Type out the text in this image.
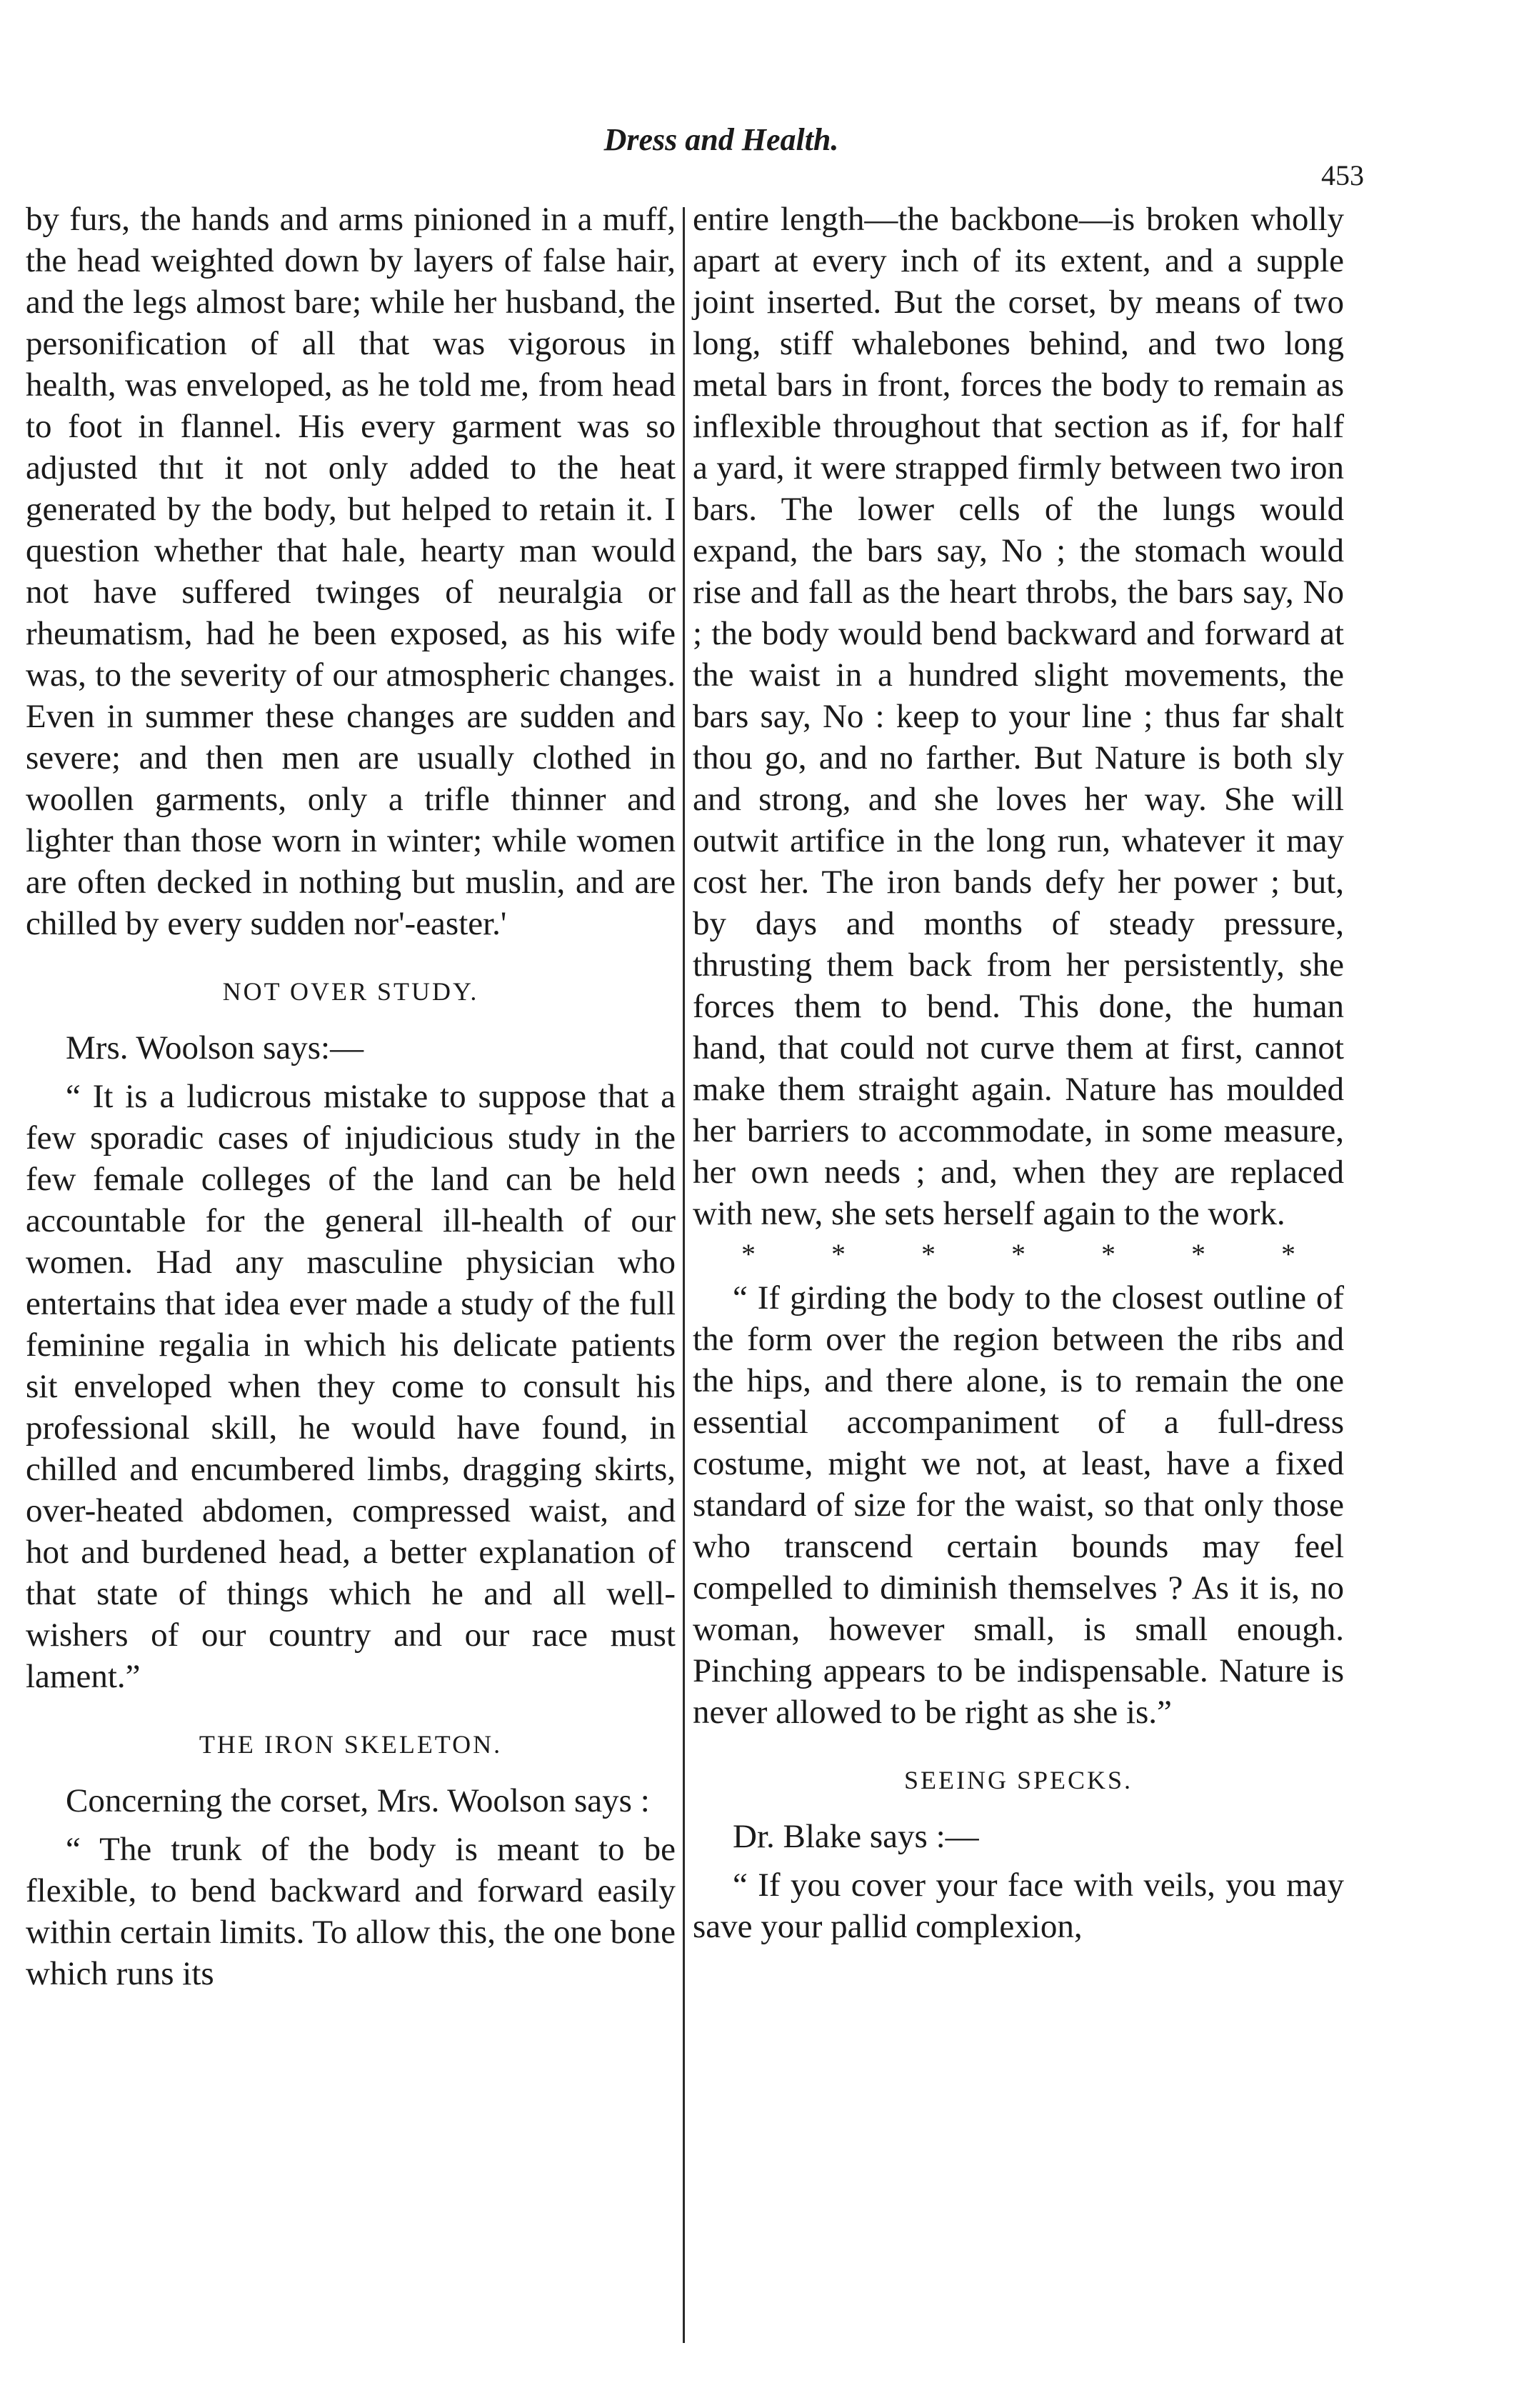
Dress and Health.
453

by furs, the hands and arms pinioned in a muff, the head weighted down by layers of false hair, and the legs almost bare; while her husband, the personification of all that was vigorous in health, was enveloped, as he told me, from head to foot in flannel. His every garment was so adjusted thıt it not only added to the heat generated by the body, but helped to retain it. I question whether that hale, hearty man would not have suffered twinges of neuralgia or rheumatism, had he been exposed, as his wife was, to the severity of our atmospheric changes. Even in summer these changes are sudden and severe; and then men are usually clothed in woollen garments, only a trifle thinner and lighter than those worn in winter; while women are often decked in nothing but muslin, and are chilled by every sudden nor'-easter.'

NOT OVER STUDY.

Mrs. Woolson says:—

“ It is a ludicrous mistake to suppose that a few sporadic cases of injudicious study in the few female colleges of the land can be held accountable for the general ill-health of our women. Had any masculine physician who entertains that idea ever made a study of the full feminine regalia in which his delicate patients sit enveloped when they come to consult his professional skill, he would have found, in chilled and encumbered limbs, dragging skirts, over-heated abdomen, compressed waist, and hot and burdened head, a better explanation of that state of things which he and all well-wishers of our country and our race must lament.”

THE IRON SKELETON.

Concerning the corset, Mrs. Woolson says :

“ The trunk of the body is meant to be flexible, to bend backward and forward easily within certain limits. To allow this, the one bone which runs its

entire length—the backbone—is broken wholly apart at every inch of its extent, and a supple joint inserted. But the corset, by means of two long, stiff whalebones behind, and two long metal bars in front, forces the body to remain as inflexible throughout that section as if, for half a yard, it were strapped firmly between two iron bars. The lower cells of the lungs would expand, the bars say, No ; the stomach would rise and fall as the heart throbs, the bars say, No ; the body would bend backward and forward at the waist in a hundred slight movements, the bars say, No : keep to your line ; thus far shalt thou go, and no farther. But Nature is both sly and strong, and she loves her way. She will outwit artifice in the long run, whatever it may cost her. The iron bands defy her power ; but, by days and months of steady pressure, thrusting them back from her persistently, she forces them to bend. This done, the human hand, that could not curve them at first, cannot make them straight again. Nature has moulded her barriers to accommodate, in some measure, her own needs ; and, when they are replaced with new, she sets herself again to the work.

* * * * * * *

“ If girding the body to the closest outline of the form over the region between the ribs and the hips, and there alone, is to remain the one essential accompaniment of a full-dress costume, might we not, at least, have a fixed standard of size for the waist, so that only those who transcend certain bounds may feel compelled to diminish themselves ? As it is, no woman, however small, is small enough. Pinching appears to be indispensable. Nature is never allowed to be right as she is.”

SEEING SPECKS.

Dr. Blake says :—

“ If you cover your face with veils, you may save your pallid complexion,
